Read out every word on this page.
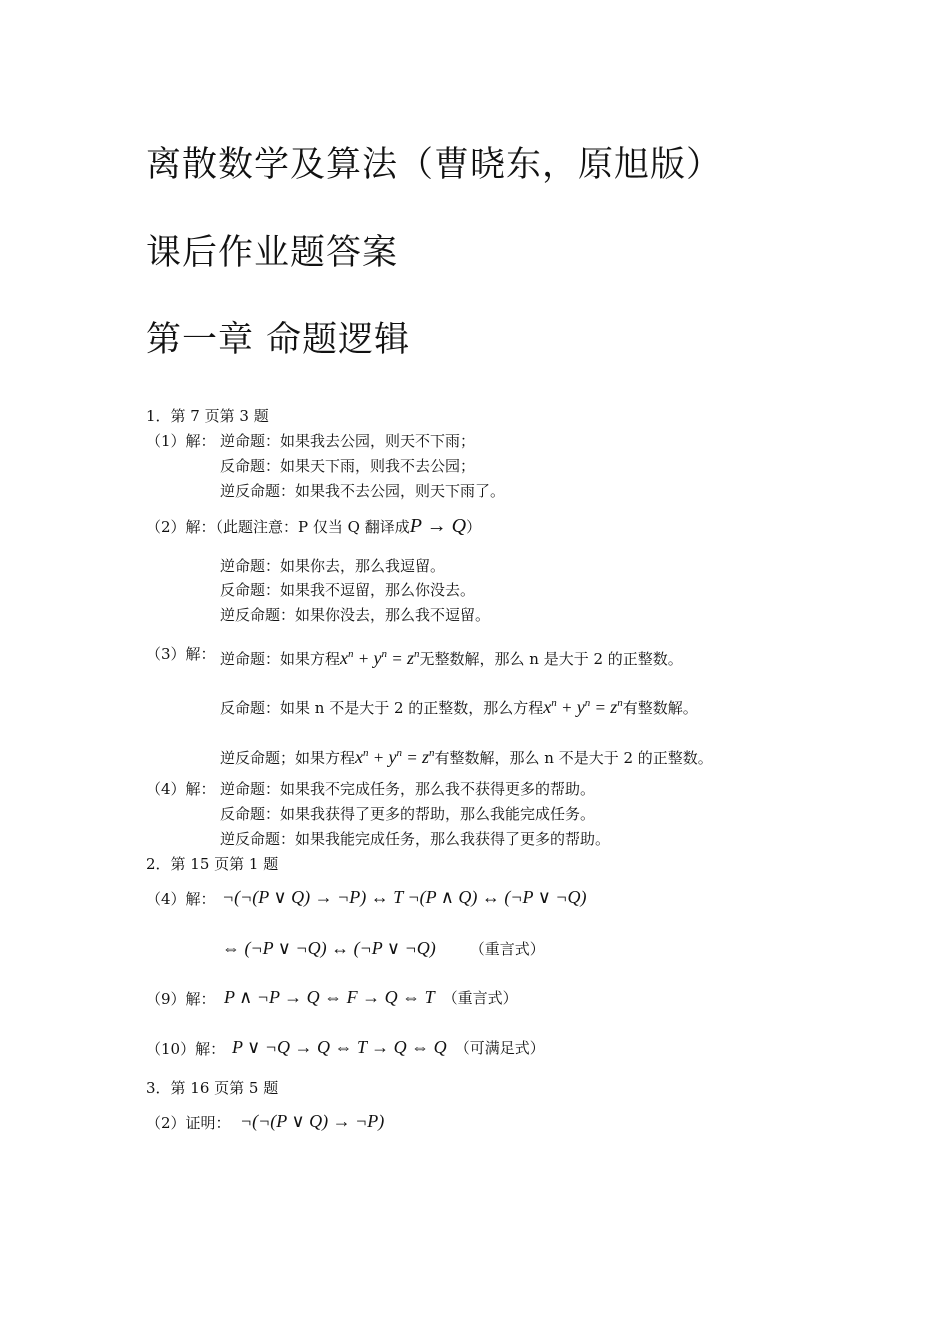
离散数学及算法（曹晓东，原旭版）
课后作业题答案
第一章 命题逻辑
1．第 7 页第 3 题
（1）解： 逆命题：如果我去公园，则天不下雨；
反命题：如果天下雨，则我不去公园；
逆反命题：如果我不去公园，则天下雨了。
（2）解：（此题注意：P 仅当 Q 翻译成P → Q）
逆命题：如果你去，那么我逗留。
反命题：如果我不逗留，那么你没去。
逆反命题：如果你没去，那么我不逗留。
（3）解： 逆命题：如果方程$x^n + y^n = z^n$无整数解，那么 n 是大于 2 的正整数。
反命题：如果 n 不是大于 2 的正整数，那么方程$x^n + y^n = z^n$有整数解。
逆反命题；如果方程$x^n + y^n = z^n$有整数解，那么 n 不是大于 2 的正整数。
（4）解： 逆命题：如果我不完成任务，那么我不获得更多的帮助。
反命题：如果我获得了更多的帮助，那么我能完成任务。
逆反命题：如果我能完成任务，那么我获得了更多的帮助。
2．第 15 页第 1 题
（4）解： ¬(¬(P ∨ Q) → ¬P) ↔ T ¬(P ∧ Q) ↔ (¬P ∨ ¬Q)
⇔ (¬P ∨ ¬Q) ↔ (¬P ∨ ¬Q) （重言式）
（9）解： P ∧ ¬P → Q ⇔ F → Q ⇔ T （重言式）
（10）解： P ∨ ¬Q → Q ⇔ T → Q ⇔ Q （可满足式）
3．第 16 页第 5 题
（2）证明： ¬(¬(P ∨ Q) → ¬P)
